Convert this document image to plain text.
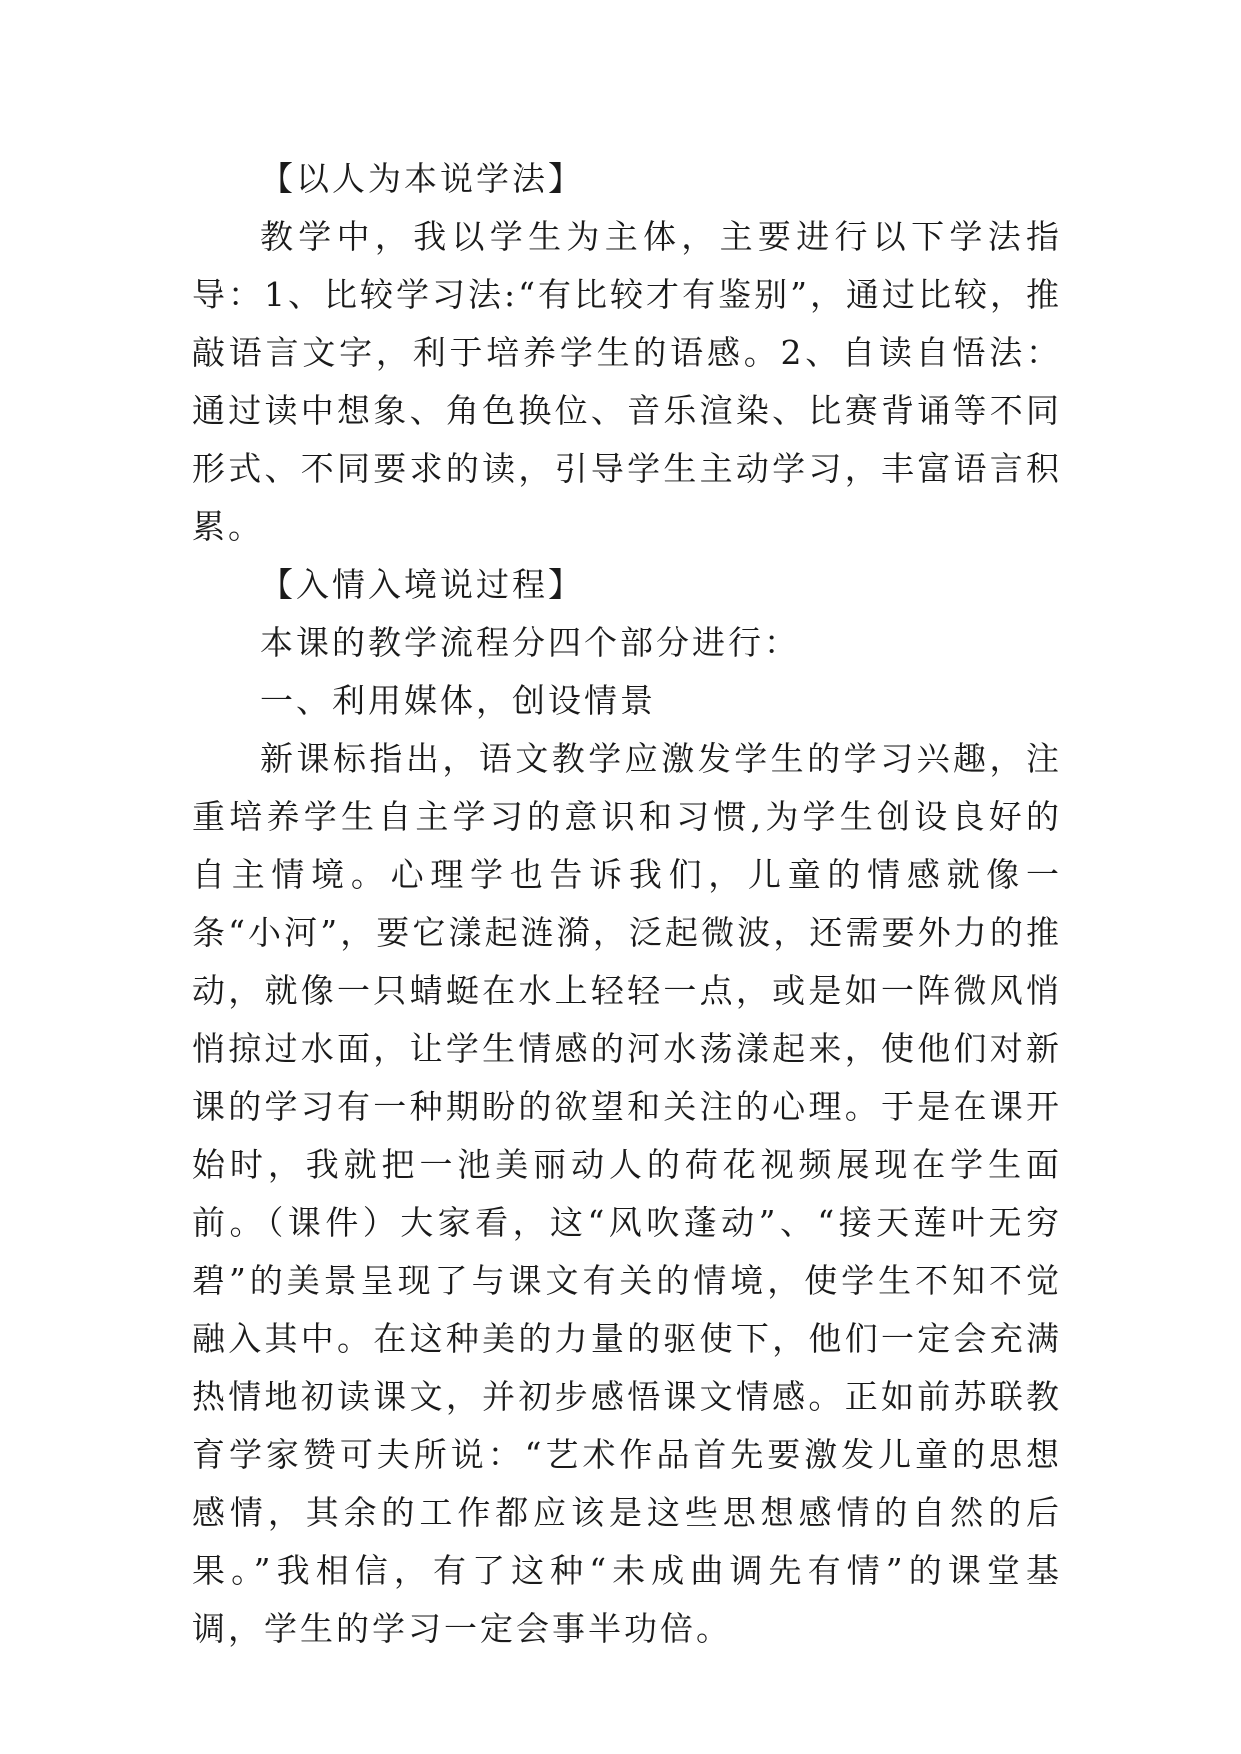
【以人为本说学法】

教学中，我以学生为主体，主要进行以下学法指导：1、比较学习法:“有比较才有鉴别”，通过比较，推敲语言文字，利于培养学生的语感。2、自读自悟法：通过读中想象、角色换位、音乐渲染、比赛背诵等不同形式、不同要求的读，引导学生主动学习，丰富语言积累。

【入情入境说过程】

本课的教学流程分四个部分进行：

一、利用媒体，创设情景

新课标指出，语文教学应激发学生的学习兴趣，注重培养学生自主学习的意识和习惯,为学生创设良好的自主情境。心理学也告诉我们，儿童的情感就像一条“小河”，要它漾起涟漪，泛起微波，还需要外力的推动，就像一只蜻蜓在水上轻轻一点，或是如一阵微风悄悄掠过水面，让学生情感的河水荡漾起来，使他们对新课的学习有一种期盼的欲望和关注的心理。于是在课开始时，我就把一池美丽动人的荷花视频展现在学生面前。（课件）大家看，这“风吹蓬动”、“接天莲叶无穷碧”的美景呈现了与课文有关的情境，使学生不知不觉融入其中。在这种美的力量的驱使下，他们一定会充满热情地初读课文，并初步感悟课文情感。正如前苏联教育学家赞可夫所说：“艺术作品首先要激发儿童的思想感情，其余的工作都应该是这些思想感情的自然的后果。”我相信，有了这种“未成曲调先有情”的课堂基调，学生的学习一定会事半功倍。
